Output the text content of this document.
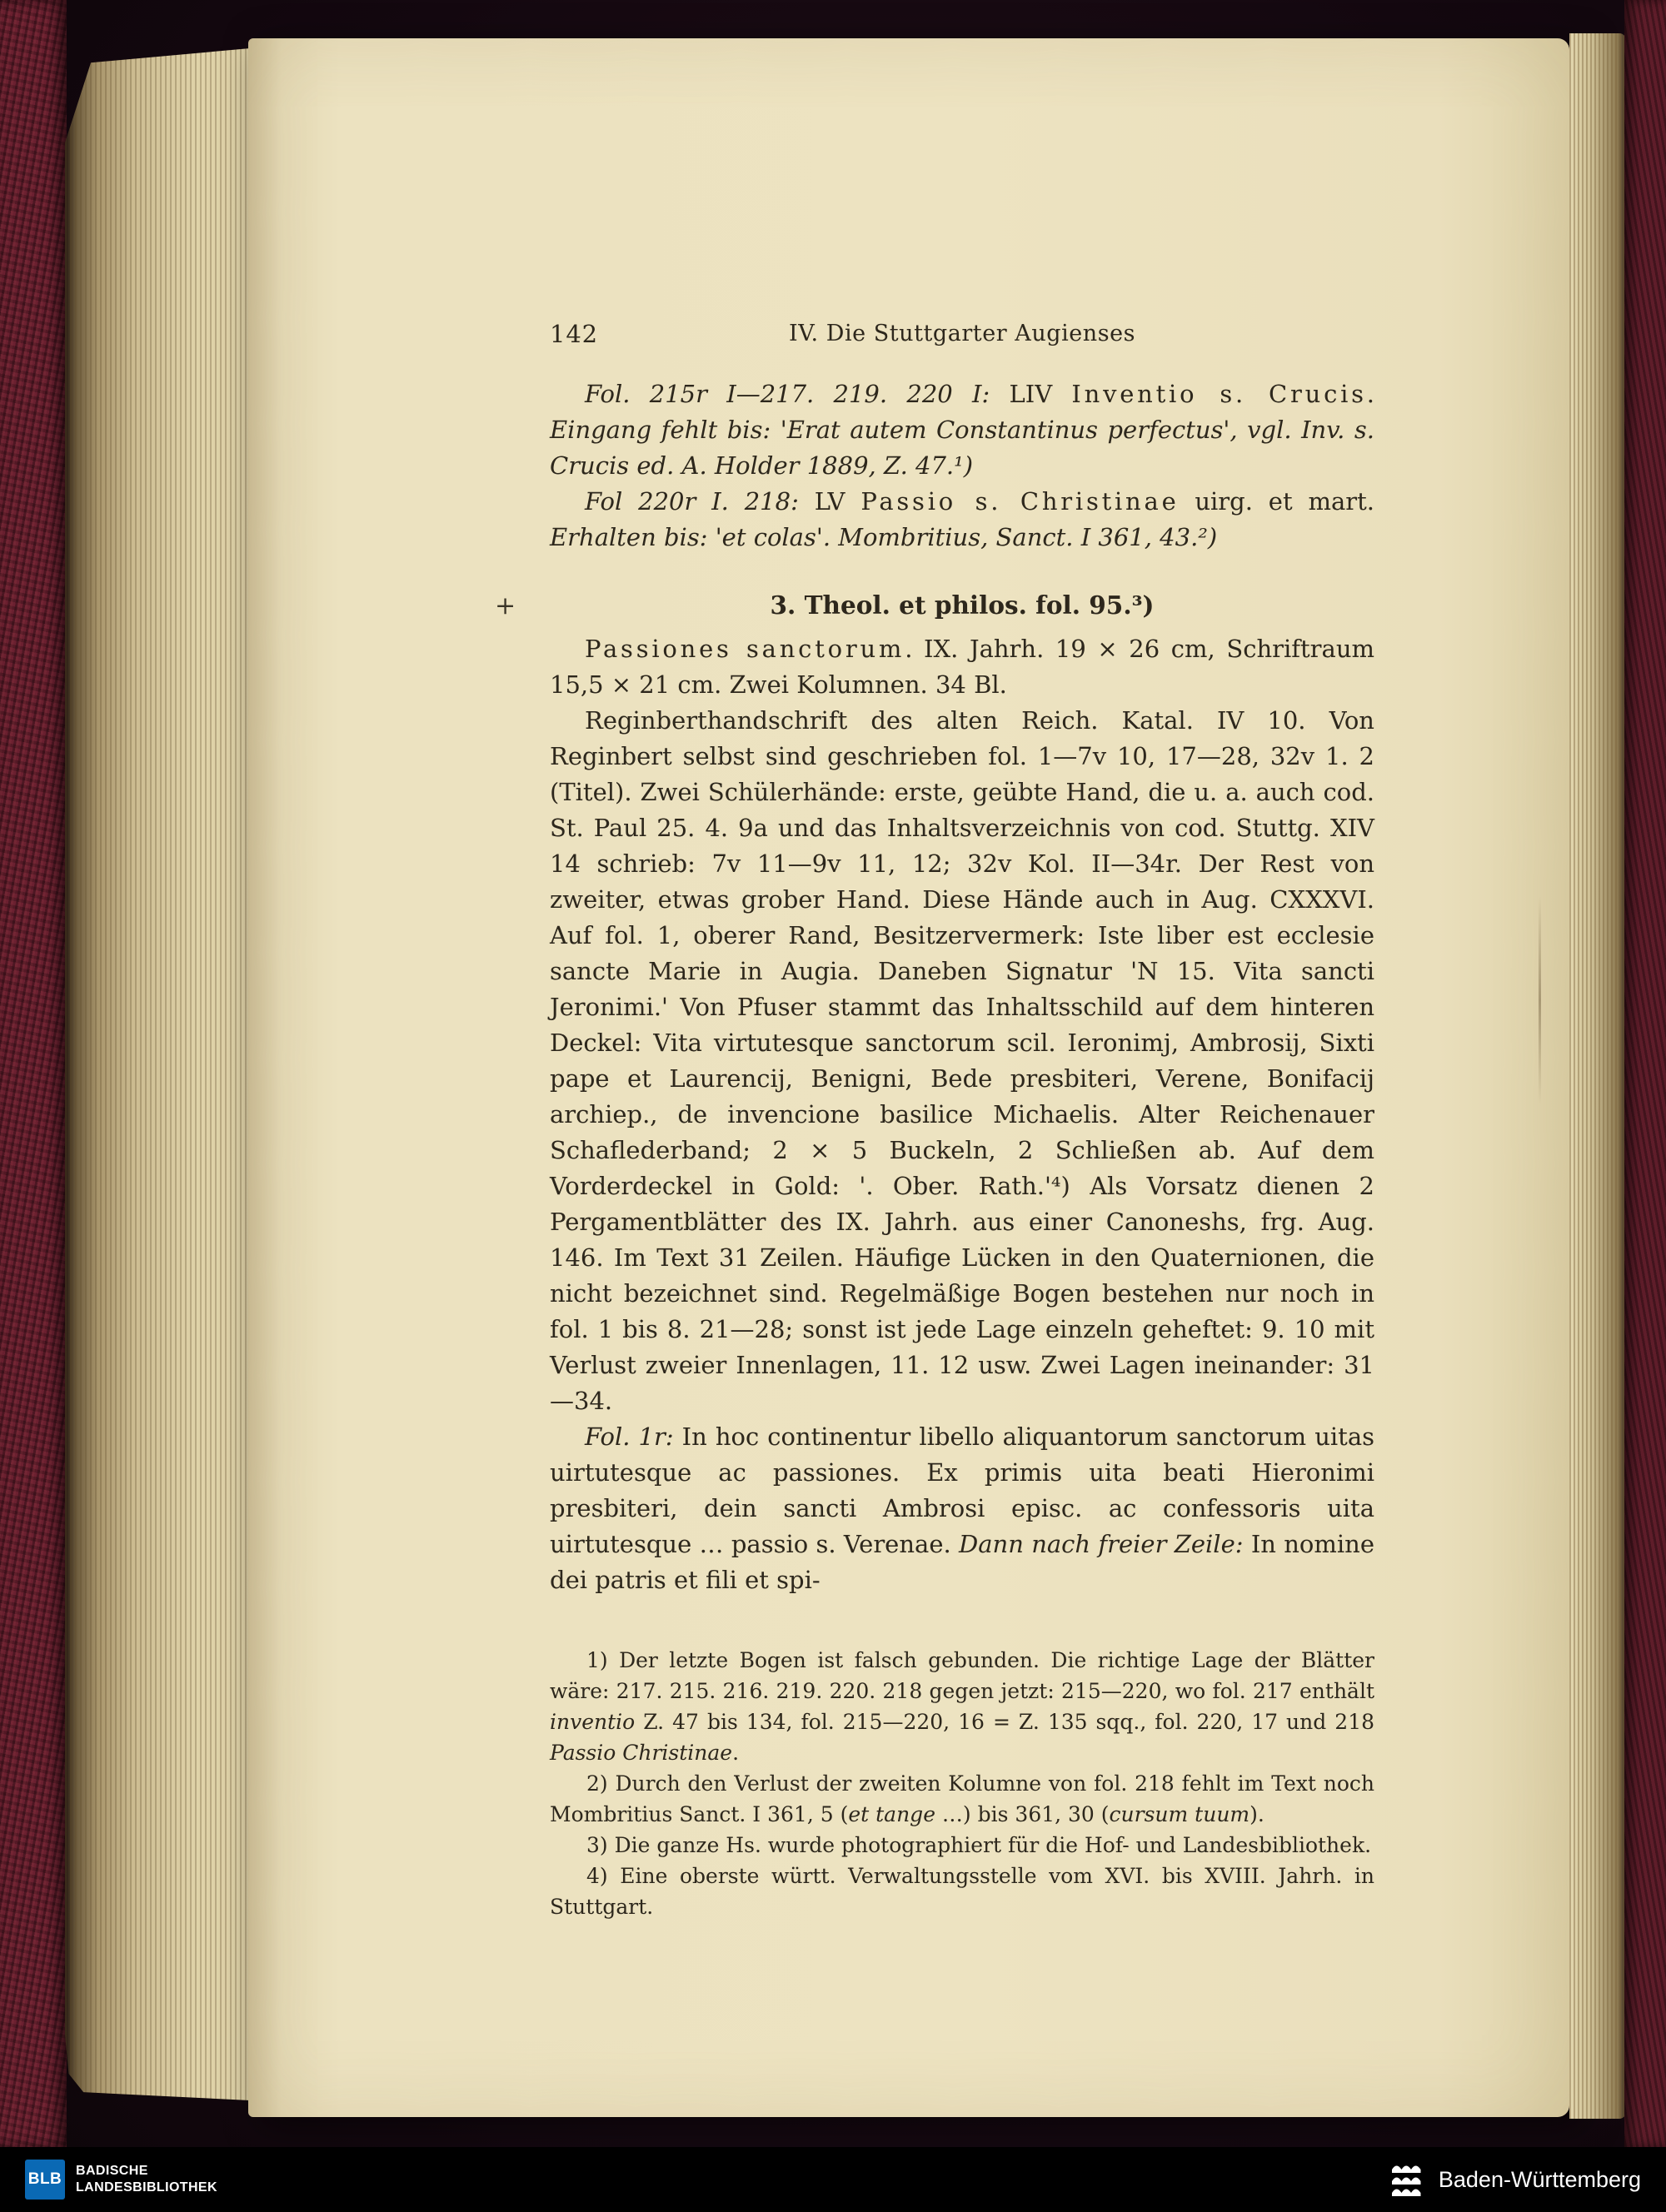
142	IV. Die Stuttgarter Augienses

Fol. 215r I—217. 219. 220 I: LIV Inventio s. Crucis. Eingang fehlt bis: 'Erat autem Constantinus perfectus', vgl. Inv. s. Crucis ed. A. Holder 1889, Z. 47.¹)

Fol 220r I. 218: LV Passio s. Christinae uirg. et mart. Erhalten bis: 'et colas'. Mombritius, Sanct. I 361, 43.²)

+	3. Theol. et philos. fol. 95.³)

Passiones sanctorum. IX. Jahrh. 19 × 26 cm, Schriftraum 15,5 × 21 cm. Zwei Kolumnen. 34 Bl.

Reginberthandschrift des alten Reich. Katal. IV 10. Von Reginbert selbst sind geschrieben fol. 1—7v 10, 17—28, 32v 1. 2 (Titel). Zwei Schülerhände: erste, geübte Hand, die u. a. auch cod. St. Paul 25. 4. 9a und das Inhaltsverzeichnis von cod. Stuttg. XIV 14 schrieb: 7v 11—9v 11, 12; 32v Kol. II—34r. Der Rest von zweiter, etwas grober Hand. Diese Hände auch in Aug. CXXXVI. Auf fol. 1, oberer Rand, Besitzervermerk: Iste liber est ecclesie sancte Marie in Augia. Daneben Signatur 'N 15. Vita sancti Jeronimi.' Von Pfuser stammt das Inhaltsschild auf dem hinteren Deckel: Vita virtutesque sanctorum scil. Ieronimj, Ambrosij, Sixti pape et Laurencij, Benigni, Bede presbiteri, Verene, Bonifacij archiep., de invencione basilice Michaelis. Alter Reichenauer Schaflederband; 2 × 5 Buckeln, 2 Schließen ab. Auf dem Vorderdeckel in Gold: '. Ober. Rath.'⁴) Als Vorsatz dienen 2 Pergamentblätter des IX. Jahrh. aus einer Canoneshs, frg. Aug. 146. Im Text 31 Zeilen. Häufige Lücken in den Quaternionen, die nicht bezeichnet sind. Regelmäßige Bogen bestehen nur noch in fol. 1 bis 8. 21—28; sonst ist jede Lage einzeln geheftet: 9. 10 mit Verlust zweier Innenlagen, 11. 12 usw. Zwei Lagen ineinander: 31—34.

Fol. 1r: In hoc continentur libello aliquantorum sanctorum uitas uirtutesque ac passiones. Ex primis uita beati Hieronimi presbiteri, dein sancti Ambrosi episc. ac confessoris uita uirtutesque … passio s. Verenae. Dann nach freier Zeile: In nomine dei patris et fili et spi-

1) Der letzte Bogen ist falsch gebunden. Die richtige Lage der Blätter wäre: 217. 215. 216. 219. 220. 218 gegen jetzt: 215—220, wo fol. 217 enthält inventio Z. 47 bis 134, fol. 215—220, 16 = Z. 135 sqq., fol. 220, 17 und 218 Passio Christinae.

2) Durch den Verlust der zweiten Kolumne von fol. 218 fehlt im Text noch Mombritius Sanct. I 361, 5 (et tange …) bis 361, 30 (cursum tuum).

3) Die ganze Hs. wurde photographiert für die Hof- und Landesbibliothek.

4) Eine oberste württ. Verwaltungsstelle vom XVI. bis XVIII. Jahrh. in Stuttgart.

BLB BADISCHE
LANDESBIBLIOTHEK	Baden-Württemberg
